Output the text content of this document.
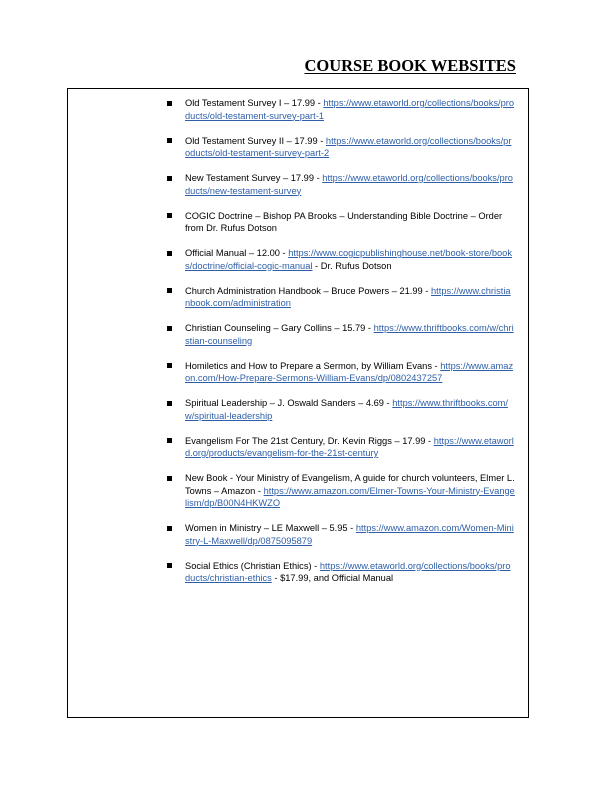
COURSE BOOK WEBSITES
Old Testament Survey I – 17.99 - https://www.etaworld.org/collections/books/products/old-testament-survey-part-1
Old Testament Survey II – 17.99 - https://www.etaworld.org/collections/books/products/old-testament-survey-part-2
New Testament Survey – 17.99 - https://www.etaworld.org/collections/books/products/new-testament-survey
COGIC Doctrine – Bishop PA Brooks – Understanding Bible Doctrine – Order from Dr. Rufus Dotson
Official Manual – 12.00 - https://www.cogicpublishinghouse.net/book-store/books/doctrine/official-cogic-manual - Dr. Rufus Dotson
Church Administration Handbook – Bruce Powers – 21.99 - https://www.christianbook.com/administration
Christian Counseling – Gary Collins – 15.79 - https://www.thriftbooks.com/w/christian-counseling
Homiletics and How to Prepare a Sermon, by William Evans - https://www.amazon.com/How-Prepare-Sermons-William-Evans/dp/0802437257
Spiritual Leadership – J. Oswald Sanders – 4.69 - https://www.thriftbooks.com/w/spiritual-leadership
Evangelism For The 21st Century, Dr. Kevin Riggs – 17.99 - https://www.etaworld.org/products/evangelism-for-the-21st-century
New Book - Your Ministry of Evangelism, A guide for church volunteers, Elmer L. Towns – Amazon - https://www.amazon.com/Elmer-Towns-Your-Ministry-Evangelism/dp/B00N4HKWZO
Women in Ministry – LE Maxwell – 5.95 - https://www.amazon.com/Women-Ministry-L-Maxwell/dp/0875095879
Social Ethics (Christian Ethics) - https://www.etaworld.org/collections/books/products/christian-ethics - $17.99, and Official Manual
